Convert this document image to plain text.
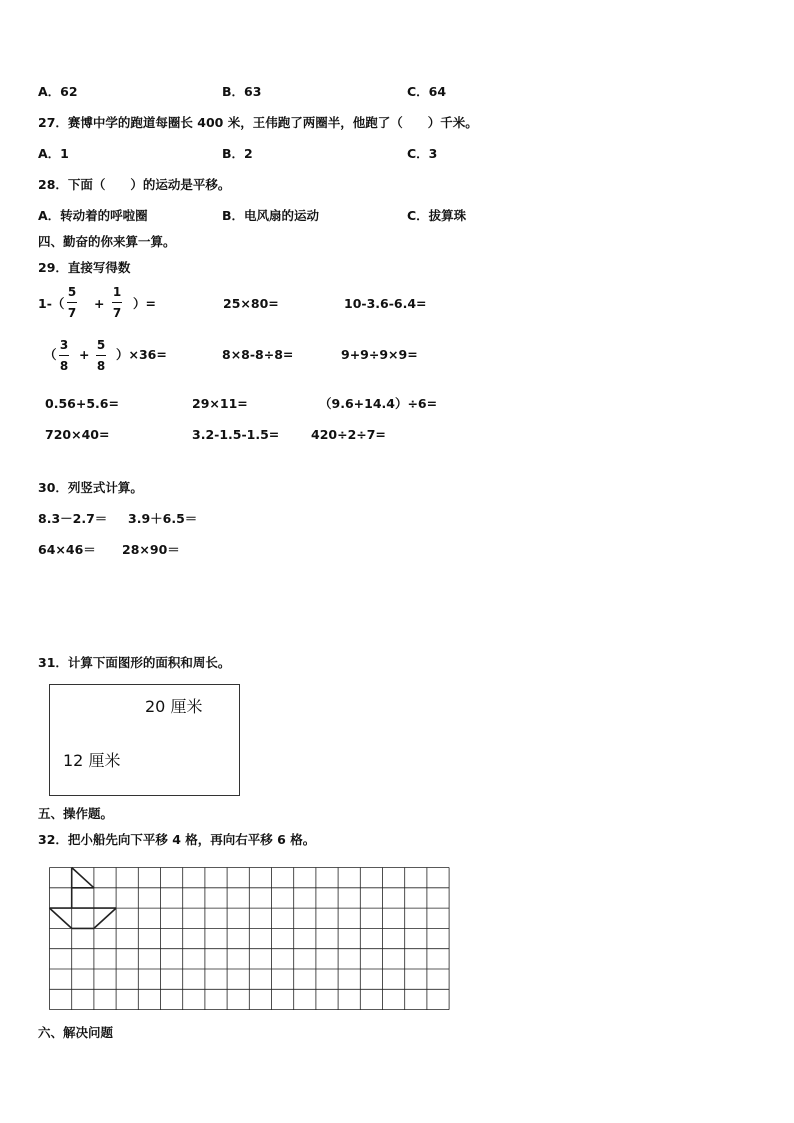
A．62	B．63	C．64
27．赛博中学的跑道每圈长 400 米，王伟跑了两圈半，他跑了（　　）千米。
A．1	B．2	C．3
28．下面（　　）的运动是平移。
A．转动着的呼啦圈	B．电风扇的运动	C．拔算珠
四、勤奋的你来算一算。
29．直接写得数
1-（
5
7
+
1
7
）=	25×80=	10-3.6-6.4=
（
3
8
+
5
8
）×36=	8×8-8÷8=	9+9÷9×9=
0.56+5.6=	29×11=	（9.6+14.4）÷6=
720×40=	3.2-1.5-1.5=	420÷2÷7=
30．列竖式计算。
8.3－2.7＝ 3.9＋6.5＝
64×46＝ 28×90＝
31．计算下面图形的面积和周长。
20 厘米
12 厘米
五、操作题。
32．把小船先向下平移 4 格，再向右平移 6 格。
六、解决问题
